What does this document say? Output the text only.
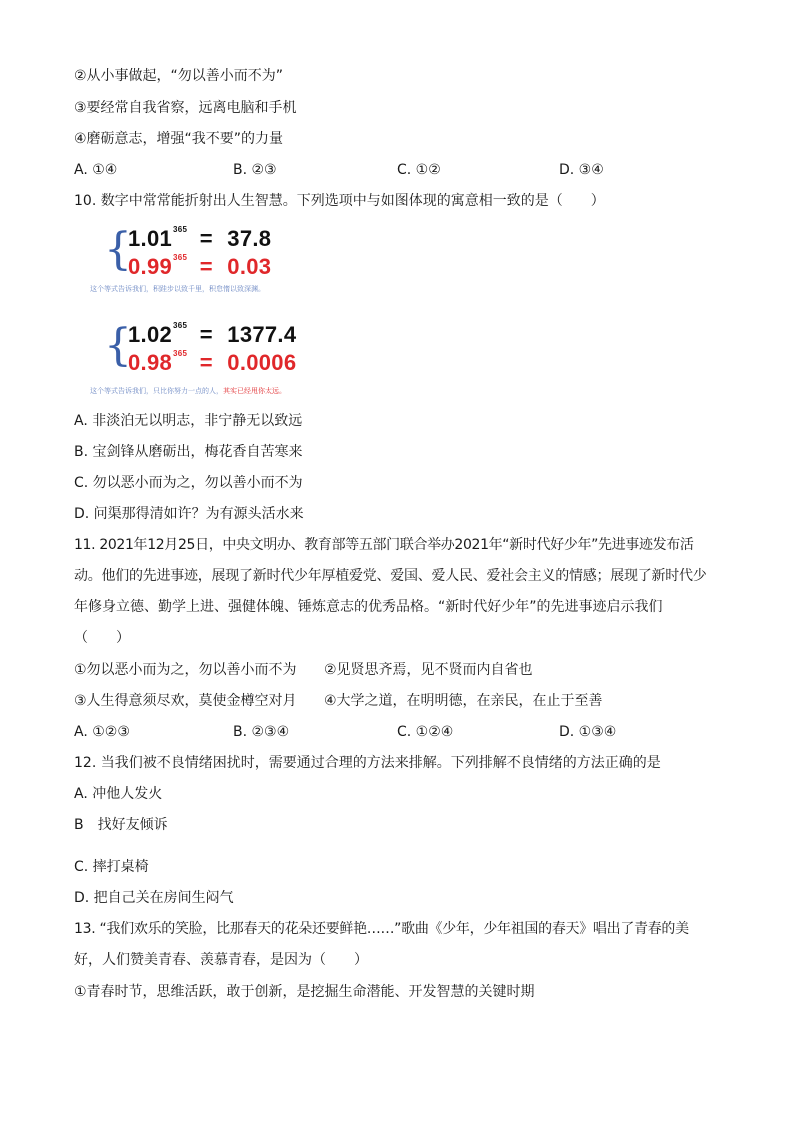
②从小事做起，“勿以善小而不为”
③要经常自我省察，远离电脑和手机
④磨砺意志，增强“我不要”的力量
A. ①④	B. ②③	C. ①②	D. ③④
10. 数字中常常能折射出人生智慧。下列选项中与如图体现的寓意相一致的是（　　）
{
$1.01^{365} = 37.8$
$0.99^{365} = 0.03$
这个等式告诉我们，积跬步以致千里，积怠惰以致深渊。
{
$1.02^{365} = 1377.4$
$0.98^{365} = 0.0006$
这个等式告诉我们，只比你努力一点的人，其实已经甩你太远。
A. 非淡泊无以明志，非宁静无以致远
B. 宝剑锋从磨砺出，梅花香自苦寒来
C. 勿以恶小而为之，勿以善小而不为
D. 问渠那得清如许？为有源头活水来
11. 2021年12月25日，中央文明办、教育部等五部门联合举办2021年“新时代好少年”先进事迹发布活
动。他们的先进事迹，展现了新时代少年厚植爱党、爱国、爱人民、爱社会主义的情感；展现了新时代少
年修身立德、勤学上进、强健体魄、锤炼意志的优秀品格。“新时代好少年”的先进事迹启示我们
（　　）
①勿以恶小而为之，勿以善小而不为 ②见贤思齐焉，见不贤而内自省也
③人生得意须尽欢，莫使金樽空对月 ④大学之道，在明明德，在亲民，在止于至善
A. ①②③	B. ②③④	C. ①②④	D. ①③④
12. 当我们被不良情绪困扰时，需要通过合理的方法来排解。下列排解不良情绪的方法正确的是
A. 冲他人发火
B　找好友倾诉
C. 摔打桌椅
D. 把自己关在房间生闷气
13. “我们欢乐的笑脸，比那春天的花朵还要鲜艳……”歌曲《少年，少年祖国的春天》唱出了青春的美
好，人们赞美青春、羡慕青春，是因为（　　）
①青春时节，思维活跃，敢于创新，是挖掘生命潜能、开发智慧的关键时期
